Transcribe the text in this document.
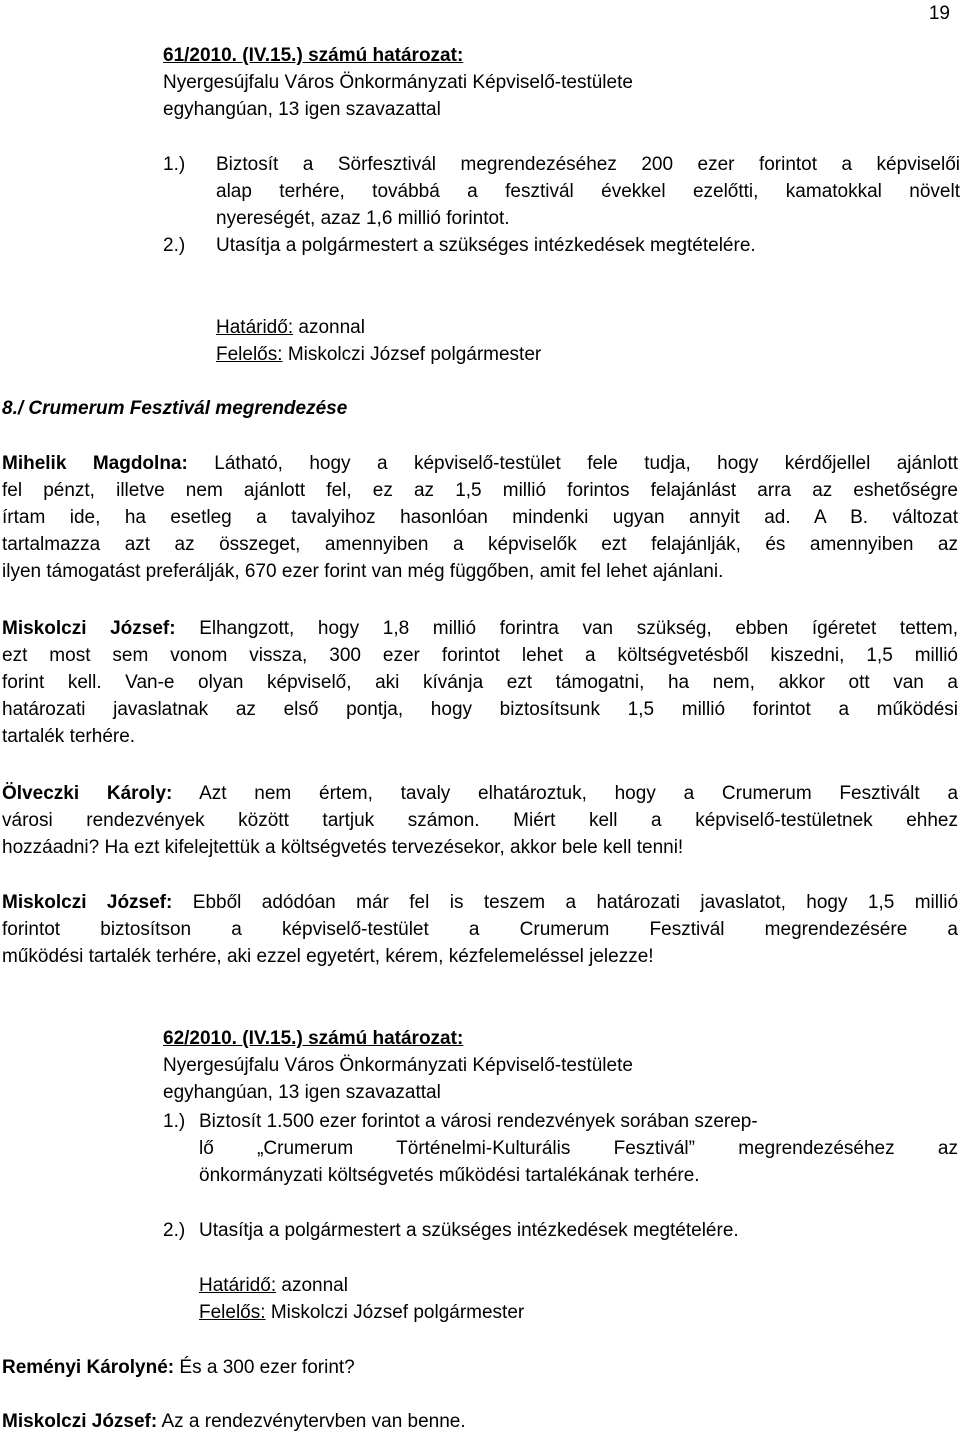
19
61/2010. (IV.15.) számú határozat:
Nyergesújfalu Város Önkormányzati Képviselő-testülete
egyhangúan, 13 igen szavazattal
1.) Biztosít a Sörfesztivál megrendezéséhez 200 ezer forintot a képviselői
alap terhére, továbbá a fesztivál évekkel ezelőtti, kamatokkal növelt
nyereségét, azaz 1,6 millió forintot.
2.) Utasítja a polgármestert a szükséges intézkedések megtételére.
Határidő: azonnal
Felelős: Miskolczi József polgármester
8./ Crumerum Fesztivál megrendezése
Mihelik Magdolna: Látható, hogy a képviselő-testület fele tudja, hogy kérdőjellel ajánlott
fel pénzt, illetve nem ajánlott fel, ez az 1,5 millió forintos felajánlást arra az eshetőségre
írtam ide, ha esetleg a tavalyihoz hasonlóan mindenki ugyan annyit ad. A B. változat
tartalmazza azt az összeget, amennyiben a képviselők ezt felajánlják, és amennyiben az
ilyen támogatást preferálják, 670 ezer forint van még függőben, amit fel lehet ajánlani.
Miskolczi József: Elhangzott, hogy 1,8 millió forintra van szükség, ebben ígéretet tettem,
ezt most sem vonom vissza, 300 ezer forintot lehet a költségvetésből kiszedni, 1,5 millió
forint kell. Van-e olyan képviselő, aki kívánja ezt támogatni, ha nem, akkor ott van a
határozati javaslatnak az első pontja, hogy biztosítsunk 1,5 millió forintot a működési
tartalék terhére.
Ölveczki Károly: Azt nem értem, tavaly elhatároztuk, hogy a Crumerum Fesztivált a
városi rendezvények között tartjuk számon. Miért kell a képviselő-testületnek ehhez
hozzáadni? Ha ezt kifelejtettük a költségvetés tervezésekor, akkor bele kell tenni!
Miskolczi József: Ebből adódóan már fel is teszem a határozati javaslatot, hogy 1,5 millió
forintot biztosítson a képviselő-testület a Crumerum Fesztivál megrendezésére a
működési tartalék terhére, aki ezzel egyetért, kérem, kézfelemeléssel jelezze!
62/2010. (IV.15.) számú határozat:
Nyergesújfalu Város Önkormányzati Képviselő-testülete
egyhangúan, 13 igen szavazattal
1.) Biztosít 1.500 ezer forintot a városi rendezvények sorában szerep-
lő „Crumerum Történelmi-Kulturális Fesztivál” megrendezéséhez az
önkormányzati költségvetés működési tartalékának terhére.
2.) Utasítja a polgármestert a szükséges intézkedések megtételére.
Határidő: azonnal
Felelős: Miskolczi József polgármester
Reményi Károlyné: És a 300 ezer forint?
Miskolczi József: Az a rendezvénytervben van benne.
